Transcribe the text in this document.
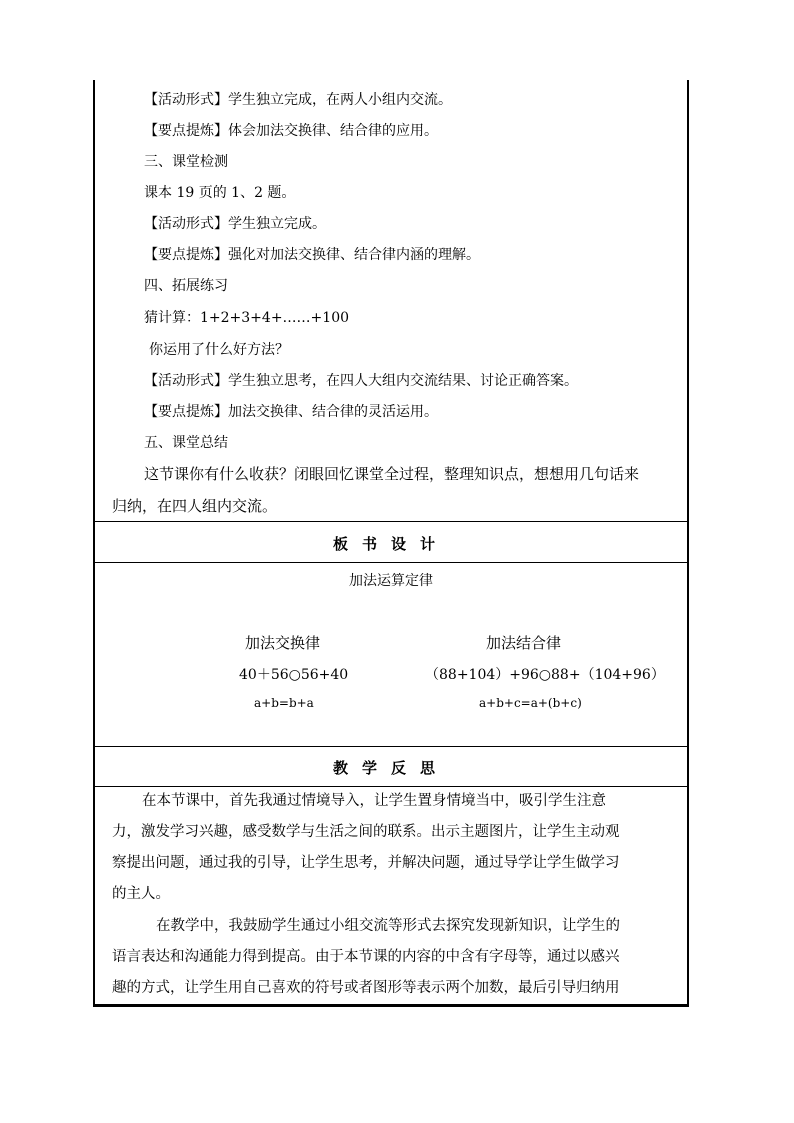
【活动形式】学生独立完成，在两人小组内交流。
【要点提炼】体会加法交换律、结合律的应用。
三、课堂检测
课本 19 页的 1、2 题。
【活动形式】学生独立完成。
【要点提炼】强化对加法交换律、结合律内涵的理解。
四、拓展练习
猜计算：1+2+3+4+……+100
你运用了什么好方法？
【活动形式】学生独立思考，在四人大组内交流结果、讨论正确答案。
【要点提炼】加法交换律、结合律的灵活运用。
五、课堂总结
这节课你有什么收获？闭眼回忆课堂全过程，整理知识点，想想用几句话来
归纳，在四人组内交流。
板书设计
加法运算定律
加法交换律
40＋56○56+40
a+b=b+a
加法结合律
（88+104）+96○88+（104+96）
a+b+c=a+(b+c)
教学反思
在本节课中，首先我通过情境导入，让学生置身情境当中，吸引学生注意
力，激发学习兴趣，感受数学与生活之间的联系。出示主题图片，让学生主动观
察提出问题，通过我的引导，让学生思考，并解决问题，通过导学让学生做学习
的主人。
在教学中，我鼓励学生通过小组交流等形式去探究发现新知识，让学生的
语言表达和沟通能力得到提高。由于本节课的内容的中含有字母等，通过以感兴
趣的方式，让学生用自己喜欢的符号或者图形等表示两个加数，最后引导归纳用
